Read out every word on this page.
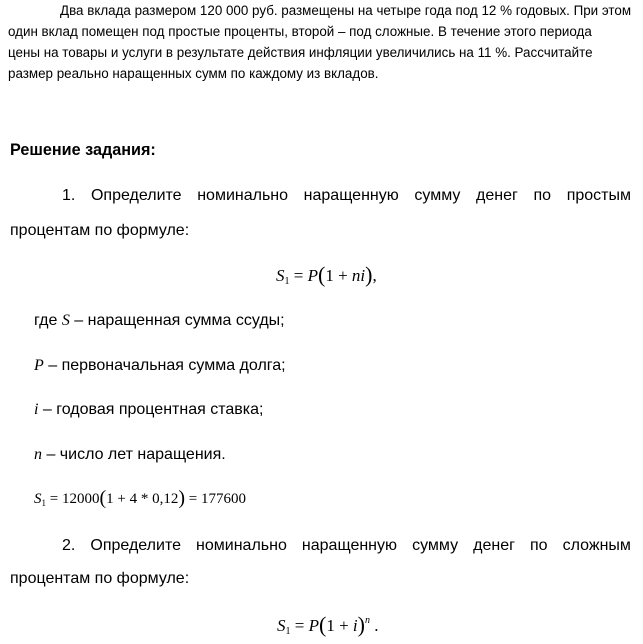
Два вклада размером 120 000 руб. размещены на четыре года под 12 % годовых. При этом
один вклад помещен под простые проценты, второй – под сложные. В течение этого периода
цены на товары и услуги в результате действия инфляции увеличились на 11 %. Рассчитайте
размер реально наращенных сумм по каждому из вкладов.
Решение задания:
1. Определите номинально наращенную сумму денег по простым
процентам по формуле:
$S_1 = P(1 + ni)$,
где S – наращенная сумма ссуды;
P – первоначальная сумма долга;
i – годовая процентная ставка;
n – число лет наращения.
$S_1 = 12000(1 + 4 * 0,12) = 177600$
2. Определите номинально наращенную сумму денег по сложным
процентам по формуле:
$S_1 = P(1 + i)^n$ .
